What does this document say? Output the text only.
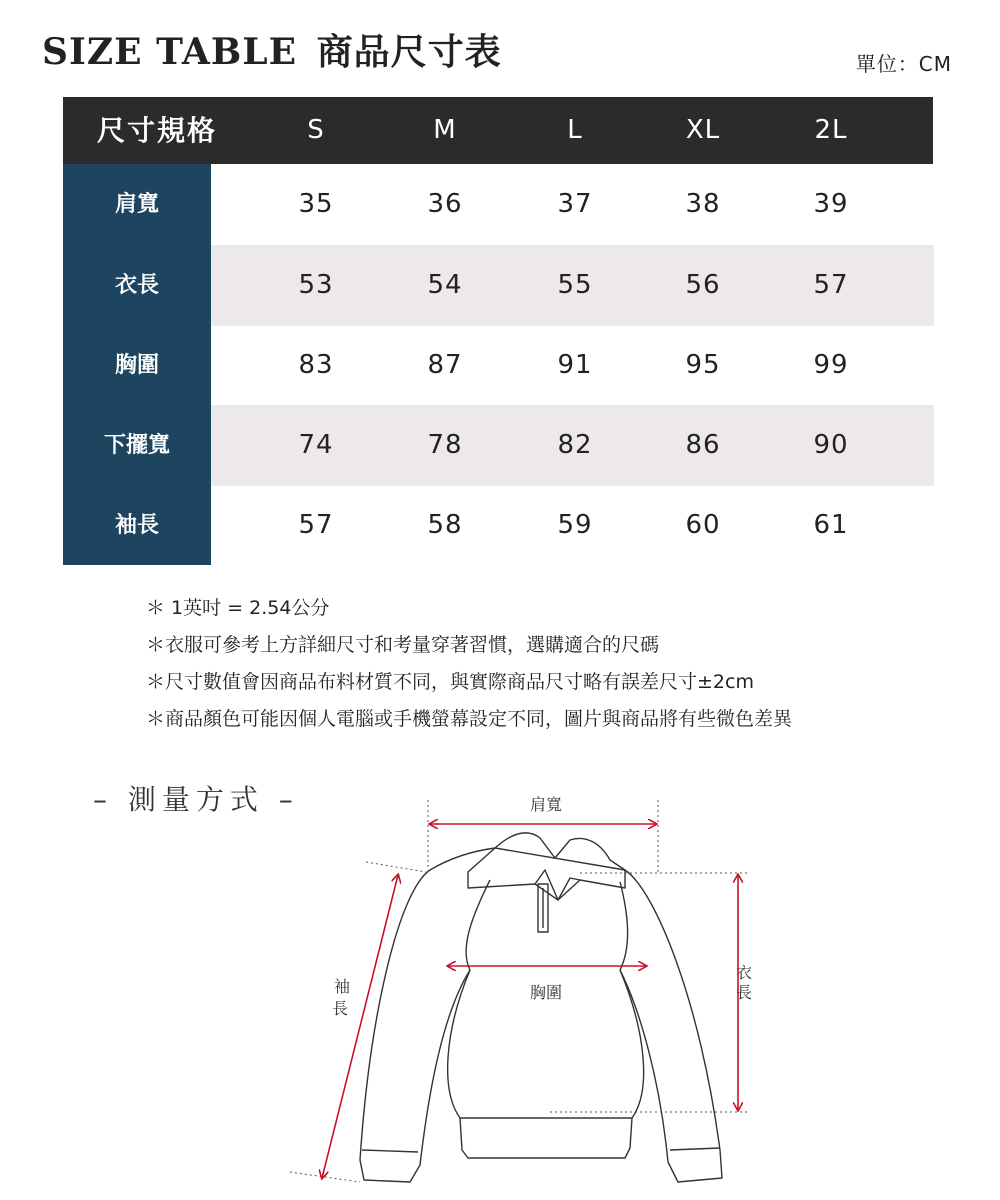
SIZE TABLE 商品尺寸表	單位：CM
尺寸規格	S	M	L	XL	2L
肩寬	35	36	37	38	39
衣長	53	54	55	56	57
胸圍	83	87	91	95	99
下擺寬	74	78	82	86	90
袖長	57	58	59	60	61
＊ 1英吋 = 2.54公分
＊衣服可參考上方詳細尺寸和考量穿著習慣，選購適合的尺碼
＊尺寸數值會因商品布料材質不同，與實際商品尺寸略有誤差尺寸±2cm
＊商品顏色可能因個人電腦或手機螢幕設定不同，圖片與商品將有些微色差異
– 測量方式 –	肩寬
胸圍
衣
長
袖
長
